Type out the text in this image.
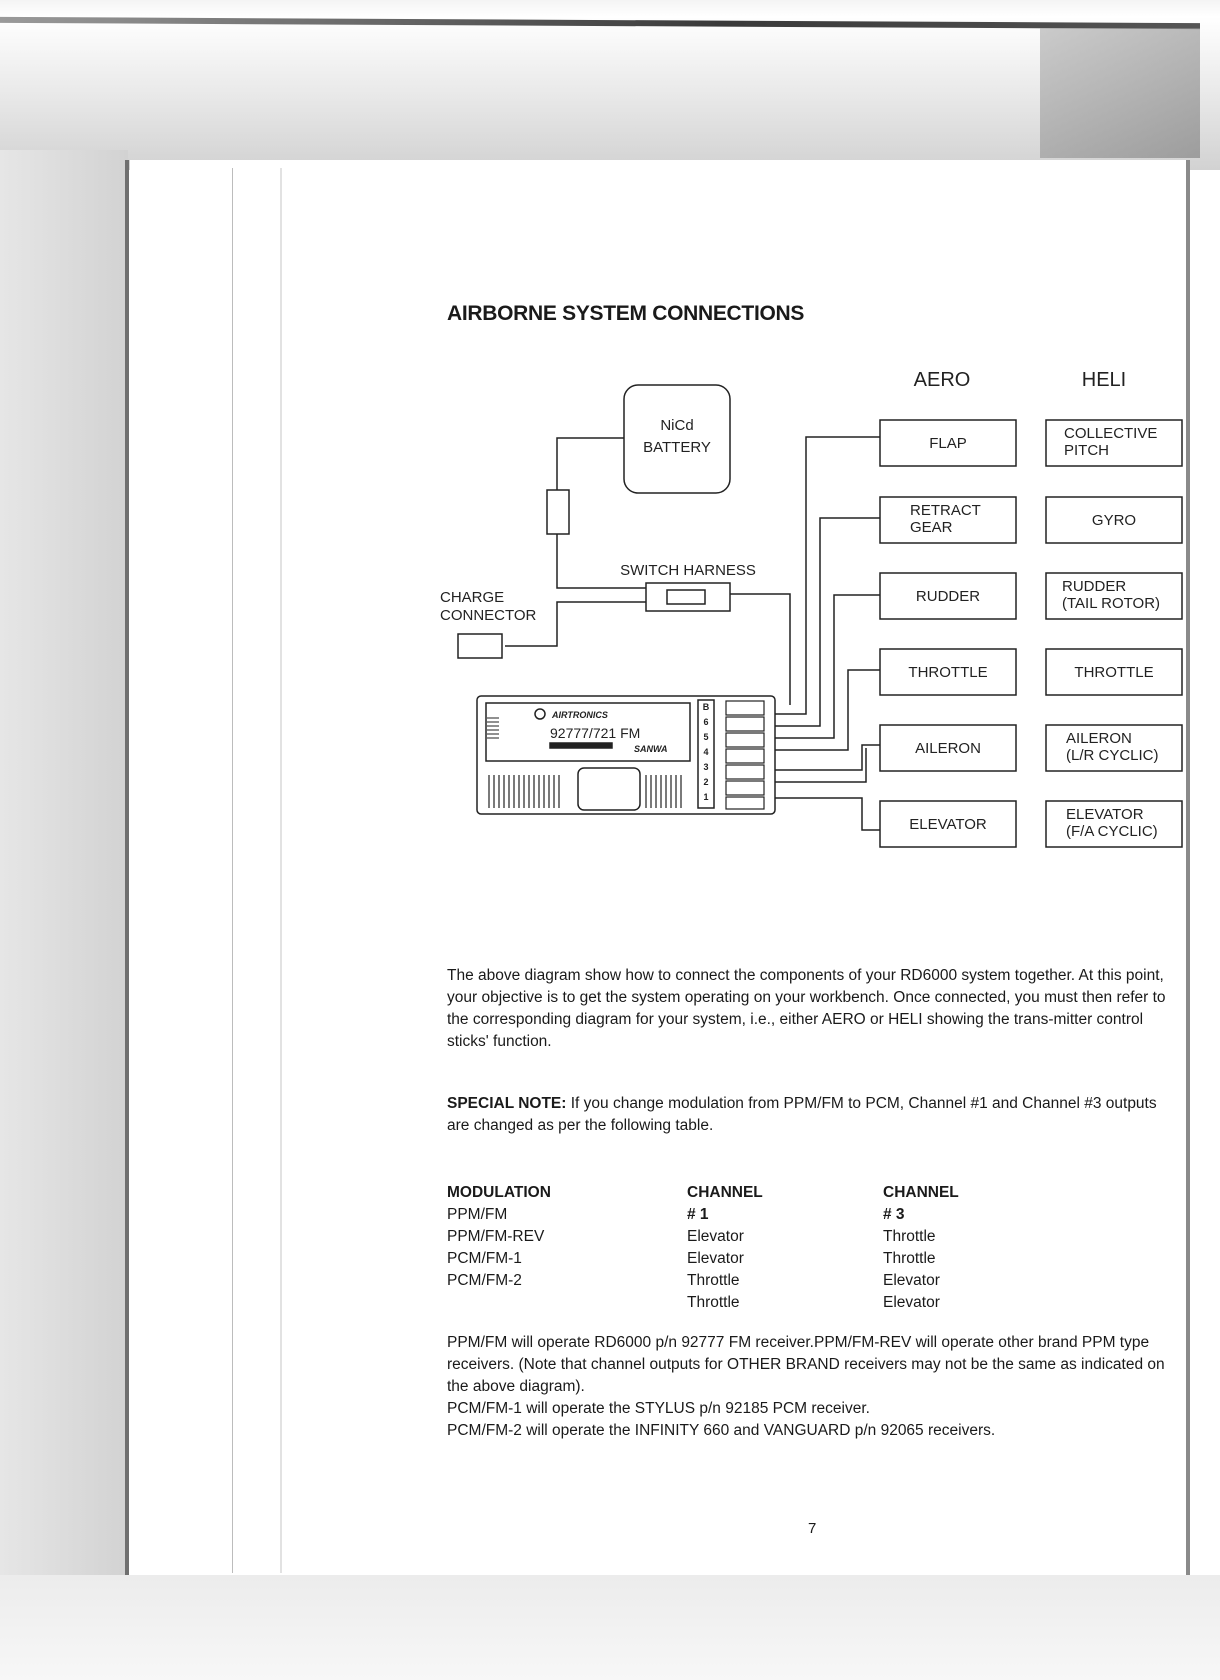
AIRBORNE SYSTEM CONNECTIONS
AERO	HELI
NiCd
BATTERY
SWITCH HARNESS
CHARGE
CONNECTOR
AIRTRONICS
92777/721 FM
SANWA
B
6
5
4
3
2
1
FLAP
RETRACT
GEAR
RUDDER
THROTTLE
AILERON
ELEVATOR
COLLECTIVE
PITCH
GYRO
RUDDER
(TAIL ROTOR)
THROTTLE
AILERON
(L/R CYCLIC)
ELEVATOR
(F/A CYCLIC)
The above diagram show how to connect the components of your RD6000 system together. At this point, your objective is to get the system operating on your workbench. Once connected, you must then refer to the corresponding diagram for your system, i.e., either AERO or HELI showing the trans-mitter control sticks' function.
SPECIAL NOTE: If you change modulation from PPM/FM to PCM, Channel #1 and Channel #3 outputs are changed as per the following table.
MODULATION
PPM/FM
PPM/FM-REV
PCM/FM-1
PCM/FM-2
CHANNEL # 1
Elevator
Elevator
Throttle
Throttle
CHANNEL # 3
Throttle
Throttle
Elevator
Elevator
PPM/FM will operate RD6000 p/n 92777 FM receiver.PPM/FM-REV will operate other brand PPM type receivers. (Note that channel outputs for OTHER BRAND receivers may not be the same as indicated on the above diagram).
PCM/FM-1 will operate the STYLUS p/n 92185 PCM receiver.
PCM/FM-2 will operate the INFINITY 660 and VANGUARD p/n 92065 receivers.
7
